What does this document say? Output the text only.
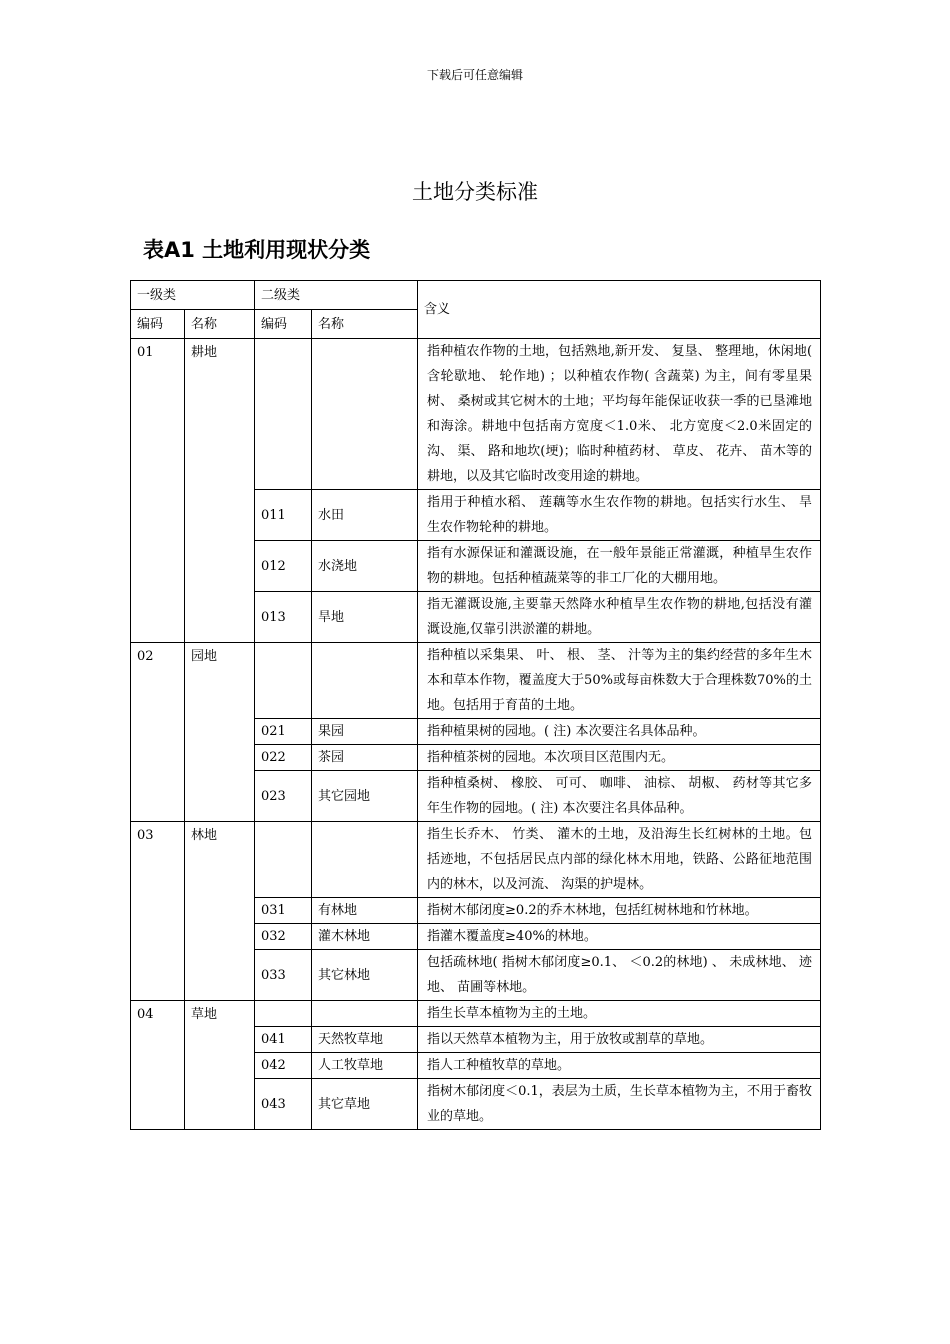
下载后可任意编辑
土地分类标准
表A1 土地利用现状分类
一级类		二级类		含义
编码	名称	编码	名称	
01	耕地			指种植农作物的土地，包括熟地,新开发、 复垦、 整理地，休闲地( 含轮歇地、 轮作地) ；以种植农作物( 含蔬菜) 为主，间有零星果树、 桑树或其它树木的土地；平均每年能保证收获一季的已垦滩地和海涂。耕地中包括南方宽度＜1.0米、 北方宽度＜2.0米固定的沟、 渠、 路和地坎(埂)；临时种植药材、 草皮、 花卉、 苗木等的耕地，以及其它临时改变用途的耕地。
		011	水田	指用于种植水稻、 莲藕等水生农作物的耕地。包括实行水生、 旱生农作物轮种的耕地。
		012	水浇地	指有水源保证和灌溉设施，在一般年景能正常灌溉，种植旱生农作物的耕地。包括种植蔬菜等的非工厂化的大棚用地。
		013	旱地	指无灌溉设施,主要靠天然降水种植旱生农作物的耕地,包括没有灌溉设施,仅靠引洪淤灌的耕地。
02	园地			指种植以采集果、 叶、 根、 茎、 汁等为主的集约经营的多年生木本和草本作物，覆盖度大于50%或每亩株数大于合理株数70%的土地。包括用于育苗的土地。
		021	果园	指种植果树的园地。( 注) 本次要注名具体品种。
		022	茶园	指种植茶树的园地。本次项目区范围内无。
		023	其它园地	指种植桑树、 橡胶、 可可、 咖啡、 油棕、 胡椒、 药材等其它多年生作物的园地。( 注) 本次要注名具体品种。
03	林地			指生长乔木、 竹类、 灌木的土地，及沿海生长红树林的土地。包括迹地，不包括居民点内部的绿化林木用地，铁路、公路征地范围内的林木，以及河流、 沟渠的护堤林。
		031	有林地	指树木郁闭度≥0.2的乔木林地，包括红树林地和竹林地。
		032	灌木林地	指灌木覆盖度≥40%的林地。
		033	其它林地	包括疏林地( 指树木郁闭度≥0.1、 ＜0.2的林地) 、 未成林地、 迹地、 苗圃等林地。
04	草地			指生长草本植物为主的土地。
		041	天然牧草地	指以天然草本植物为主，用于放牧或割草的草地。
		042	人工牧草地	指人工种植牧草的草地。
		043	其它草地	指树木郁闭度＜0.1，表层为土质，生长草本植物为主，不用于畜牧业的草地。
